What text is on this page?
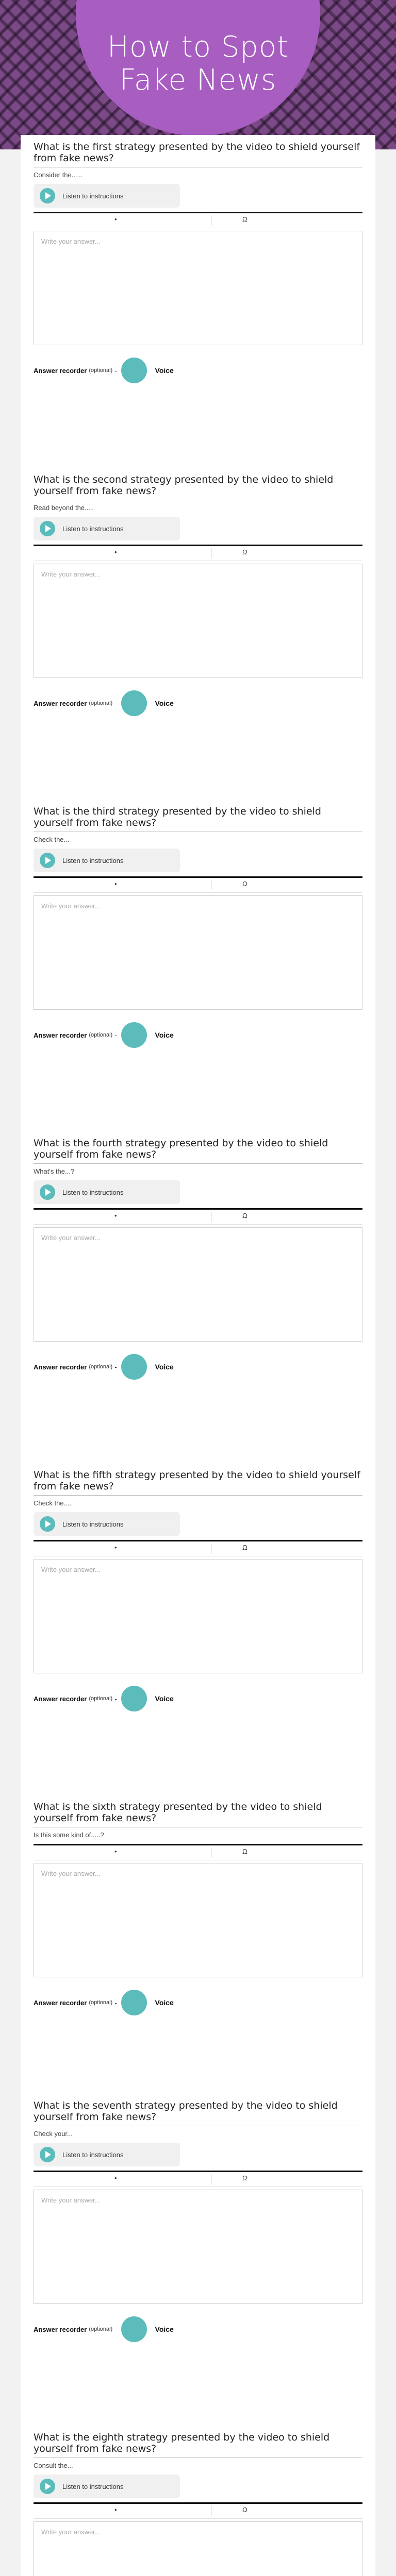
How to Spot
Fake News
What is the first strategy presented by the video to shield yourself from fake news?
Consider the......
Listen to instructions
•	Ω
Write your answer...
Answer recorder (optional) -	Voice
What is the second strategy presented by the video to shield yourself from fake news?
Read beyond the.....
Listen to instructions
•	Ω
Write your answer...
Answer recorder (optional) -	Voice
What is the third strategy presented by the video to shield yourself from fake news?
Check the...
Listen to instructions
•	Ω
Write your answer...
Answer recorder (optional) -	Voice
What is the fourth strategy presented by the video to shield yourself from fake news?
What's the...?
Listen to instructions
•	Ω
Write your answer...
Answer recorder (optional) -	Voice
What is the fifth strategy presented by the video to shield yourself from fake news?
Check the....
Listen to instructions
•	Ω
Write your answer...
Answer recorder (optional) -	Voice
What is the sixth strategy presented by the video to shield yourself from fake news?
Is this some kind of.....?
•	Ω
Write your answer...
Answer recorder (optional) -	Voice
What is the seventh strategy presented by the video to shield yourself from fake news?
Check your...
Listen to instructions
•	Ω
Write your answer...
Answer recorder (optional) -	Voice
What is the eighth strategy presented by the video to shield yourself from fake news?
Consult the...
Listen to instructions
•	Ω
Write your answer...
